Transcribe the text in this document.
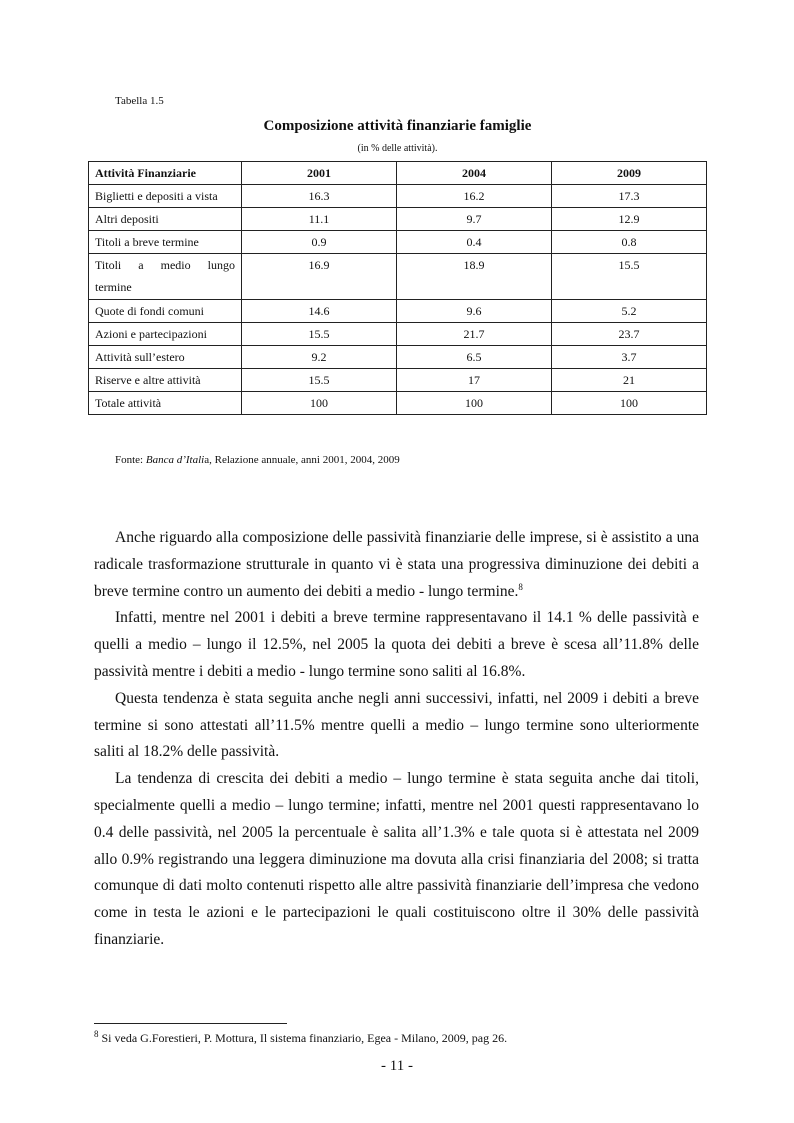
Tabella 1.5
Composizione attività finanziarie famiglie
(in % delle attività).
Attività Finanziarie	2001	2004	2009
Biglietti e depositi a vista	16.3	16.2	17.3
Altri depositi	11.1	9.7	12.9
Titoli a breve termine	0.9	0.4	0.8

Titoli a medio lungo
termine	16.9	18.9	15.5
Quote di fondi comuni	14.6	9.6	5.2
Azioni e partecipazioni	15.5	21.7	23.7
Attività sull’estero	9.2	6.5	3.7
Riserve e altre attività	15.5	17	21
Totale attività	100	100	100
Fonte: Banca d’Italia, Relazione annuale, anni 2001, 2004, 2009

Anche riguardo alla composizione delle passività finanziarie delle imprese, si è assistito a una radicale trasformazione strutturale in quanto vi è stata una progressiva diminuzione dei debiti a breve termine contro un aumento dei debiti a medio - lungo termine.$^8$

Infatti, mentre nel 2001 i debiti a breve termine rappresentavano il 14.1 % delle passività e quelli a medio – lungo il 12.5%, nel 2005 la quota dei debiti a breve è scesa all’11.8% delle passività mentre i debiti a medio - lungo termine sono saliti al 16.8%.

Questa tendenza è stata seguita anche negli anni successivi, infatti, nel 2009 i debiti a breve termine si sono attestati all’11.5% mentre quelli a medio – lungo termine sono ulteriormente saliti al 18.2% delle passività.

La tendenza di crescita dei debiti a medio – lungo termine è stata seguita anche dai titoli, specialmente quelli a medio – lungo termine; infatti, mentre nel 2001 questi rappresentavano lo 0.4 delle passività, nel 2005 la percentuale è salita all’1.3% e tale quota si è attestata nel 2009 allo 0.9% registrando una leggera diminuzione ma dovuta alla crisi finanziaria del 2008; si tratta comunque di dati molto contenuti rispetto alle altre passività finanziarie dell’impresa che vedono come in testa le azioni e le partecipazioni le quali costituiscono oltre il 30% delle passività finanziarie.

$^8$ Si veda G.Forestieri, P. Mottura, Il sistema finanziario, Egea - Milano, 2009, pag 26.
- 11 -
